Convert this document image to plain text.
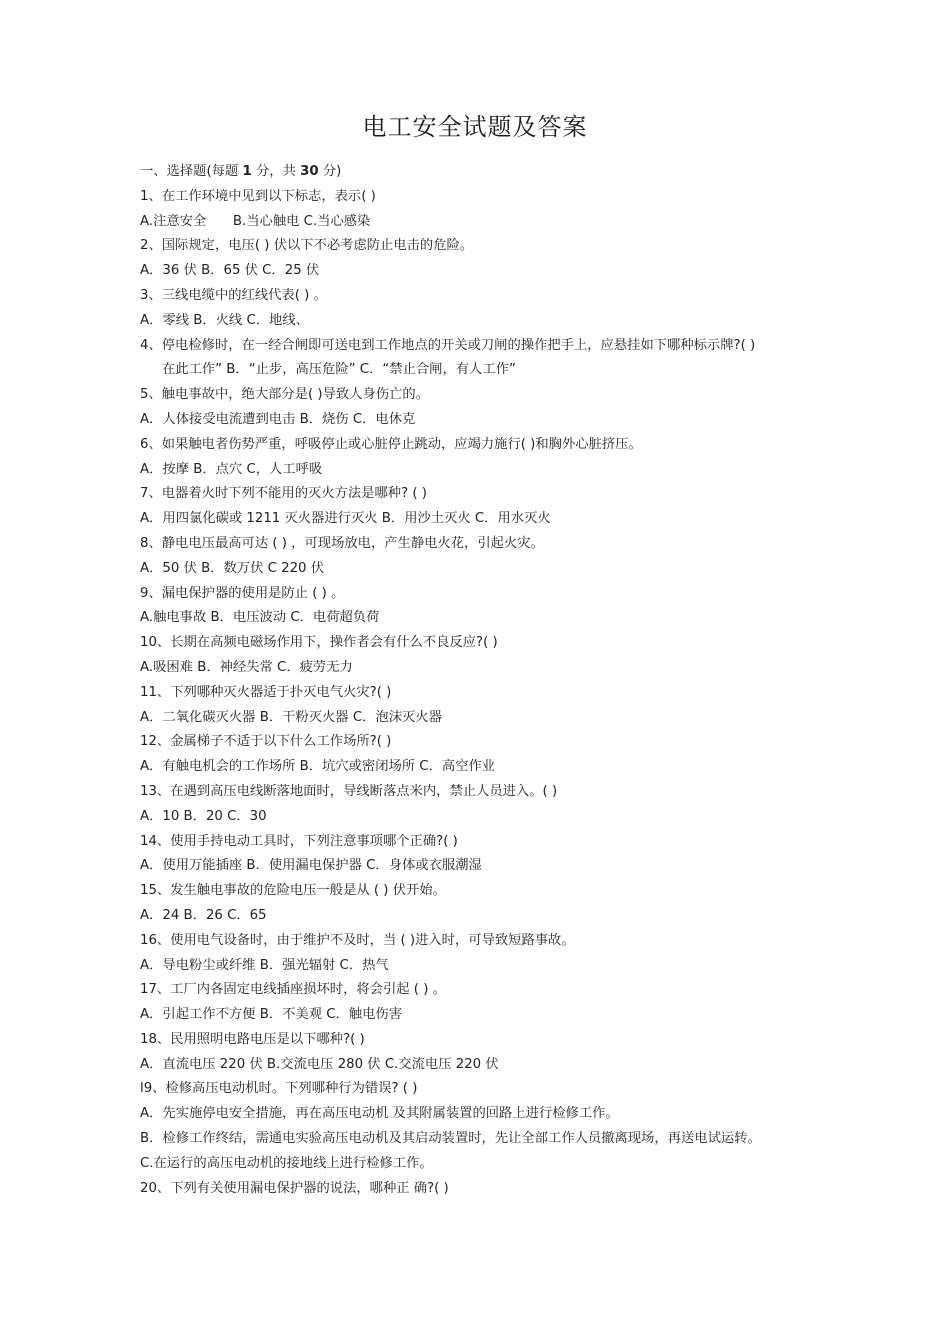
电工安全试题及答案
一、选择题(每题 1 分，共 30 分)
1、在工作环境中见到以下标志，表示( )
A.注意安全　　B.当心触电 C.当心感染
2、国际规定，电压( ) 伏以下不必考虑防止电击的危险。
A．36 伏 B．65 伏 C．25 伏
3、三线电缆中的红线代表( ) 。
A．零线 B．火线 C．地线、
4、停电检修时，在一经合闸即可送电到工作地点的开关或刀闸的操作把手上，应悬挂如下哪种标示牌?( )
在此工作” B．“止步，高压危险” C．“禁止合闸，有人工作”
5、触电事故中，绝大部分是( )导致人身伤亡的。
A．人体接受电流遭到电击 B．烧伤 C．电休克
6、如果触电者伤势严重，呼吸停止或心脏停止跳动，应竭力施行( )和胸外心脏挤压。
A．按摩 B．点穴 C，人工呼吸
7、电器着火时下列不能用的灭火方法是哪种? ( )
A．用四氯化碳或 1211 灭火器进行灭火 B．用沙土灭火 C．用水灭火
8、静电电压最高可达 ( ) ，可现场放电，产生静电火花，引起火灾。
A．50 伏 B．数万伏 C 220 伏
9、漏电保护器的使用是防止 ( ) 。
A.触电事故 B．电压波动 C．电荷超负荷
10、长期在高频电磁场作用下，操作者会有什么不良反应?( )
A.吸困难 B．神经失常 C．疲劳无力
11、下列哪种灭火器适于扑灭电气火灾?( )
A．二氧化碳灭火器 B．干粉灭火器 C．泡沫灭火器
12、金属梯子不适于以下什么工作场所?( )
A．有触电机会的工作场所 B．坑穴或密闭场所 C．高空作业
13、在遇到高压电线断落地面时，导线断落点米内，禁止人员进入。( )
A．10 B．20 C．30
14、使用手持电动工具时，下列注意事项哪个正确?( )
A．使用万能插座 B．使用漏电保护器 C．身体或衣服潮湿
15、发生触电事故的危险电压一般是从 ( ) 伏开始。
A．24 B．26 C．65
16、使用电气设备时，由于维护不及时，当 ( )进入时，可导致短路事故。
A．导电粉尘或纤维 B．强光辐射 C．热气
17、工厂内各固定电线插座损坏时，将会引起 ( ) 。
A．引起工作不方便 B．不美观 C．触电伤害
18、民用照明电路电压是以下哪种?( )
A．直流电压 220 伏 B.交流电压 280 伏 C.交流电压 220 伏
l9、检修高压电动机时。下列哪种行为错误? ( )
A．先实施停电安全措施，再在高压电动机 及其附属装置的回路上进行检修工作。
B．检修工作终结，需通电实验高压电动机及其启动装置时，先让全部工作人员撤离现场，再送电试运转。
C.在运行的高压电动机的接地线上进行检修工作。
20、下列有关使用漏电保护器的说法，哪种正 确?( )
